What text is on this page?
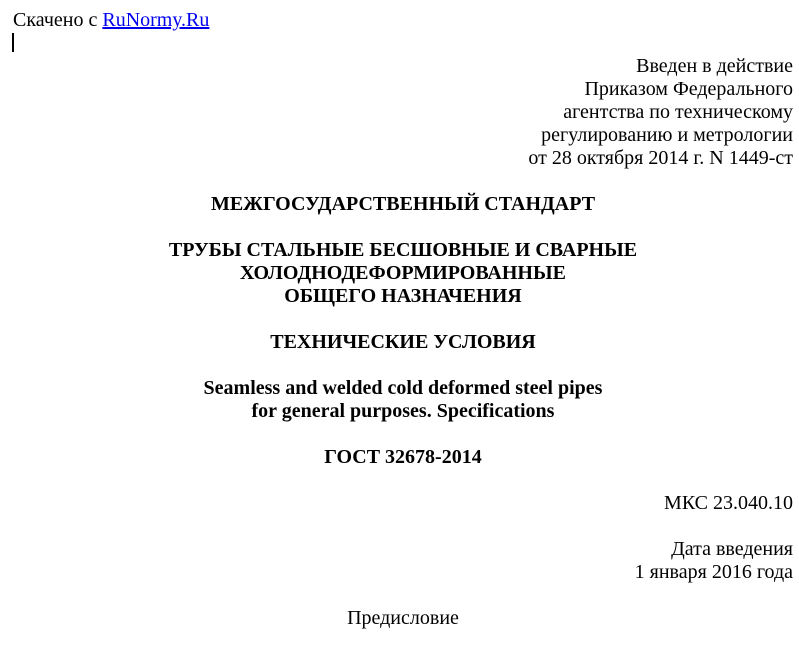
Скачено с RuNormy.Ru

Введен в действие
Приказом Федерального
агентства по техническому
регулированию и метрологии
от 28 октября 2014 г. N 1449-ст

МЕЖГОСУДАРСТВЕННЫЙ СТАНДАРТ

ТРУБЫ СТАЛЬНЫЕ БЕСШОВНЫЕ И СВАРНЫЕ
ХОЛОДНОДЕФОРМИРОВАННЫЕ
ОБЩЕГО НАЗНАЧЕНИЯ

ТЕХНИЧЕСКИЕ УСЛОВИЯ

Seamless and welded cold deformed steel pipes
for general purposes. Specifications

ГОСТ 32678-2014

МКС 23.040.10

Дата введения
1 января 2016 года

Предисловие
